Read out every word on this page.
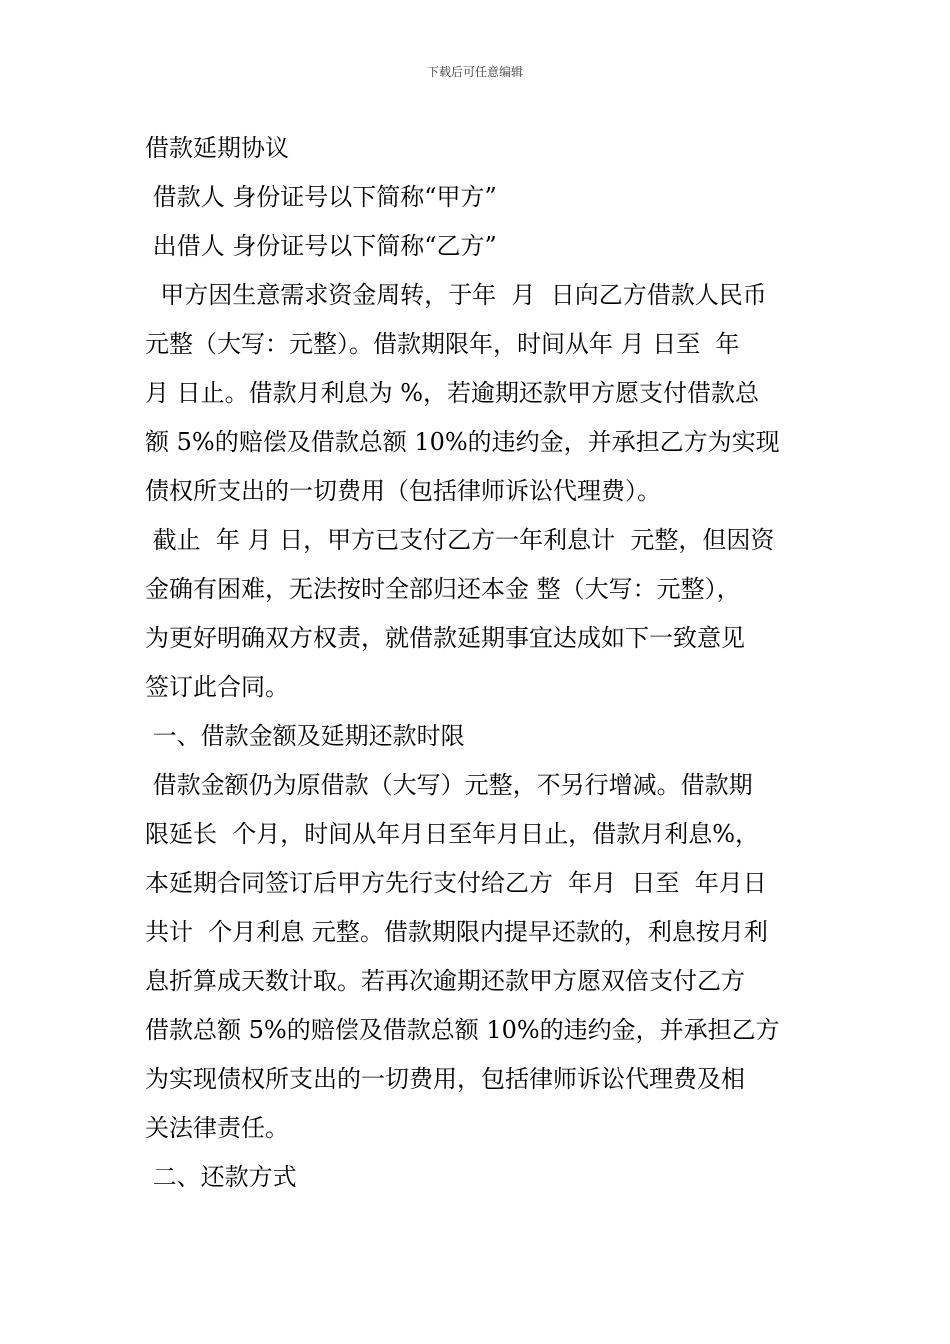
下载后可任意编辑
借款延期协议
借款人 身份证号以下简称“甲方”
出借人 身份证号以下简称“乙方”
甲方因生意需求资金周转，于年  月  日向乙方借款人民币
元整（大写：元整）。借款期限年，时间从年 月 日至  年
月 日止。借款月利息为 %，若逾期还款甲方愿支付借款总
额 5%的赔偿及借款总额 10%的违约金，并承担乙方为实现
债权所支出的一切费用（包括律师诉讼代理费）。
截止  年 月 日，甲方已支付乙方一年利息计  元整，但因资
金确有困难，无法按时全部归还本金 整（大写：元整），
为更好明确双方权责，就借款延期事宜达成如下一致意见
签订此合同。
一、借款金额及延期还款时限
借款金额仍为原借款（大写）元整，不另行增减。借款期
限延长  个月，时间从年月日至年月日止，借款月利息%，
本延期合同签订后甲方先行支付给乙方  年月  日至  年月日
共计  个月利息 元整。借款期限内提早还款的，利息按月利
息折算成天数计取。若再次逾期还款甲方愿双倍支付乙方
借款总额 5%的赔偿及借款总额 10%的违约金，并承担乙方
为实现债权所支出的一切费用，包括律师诉讼代理费及相
关法律责任。
二、还款方式
